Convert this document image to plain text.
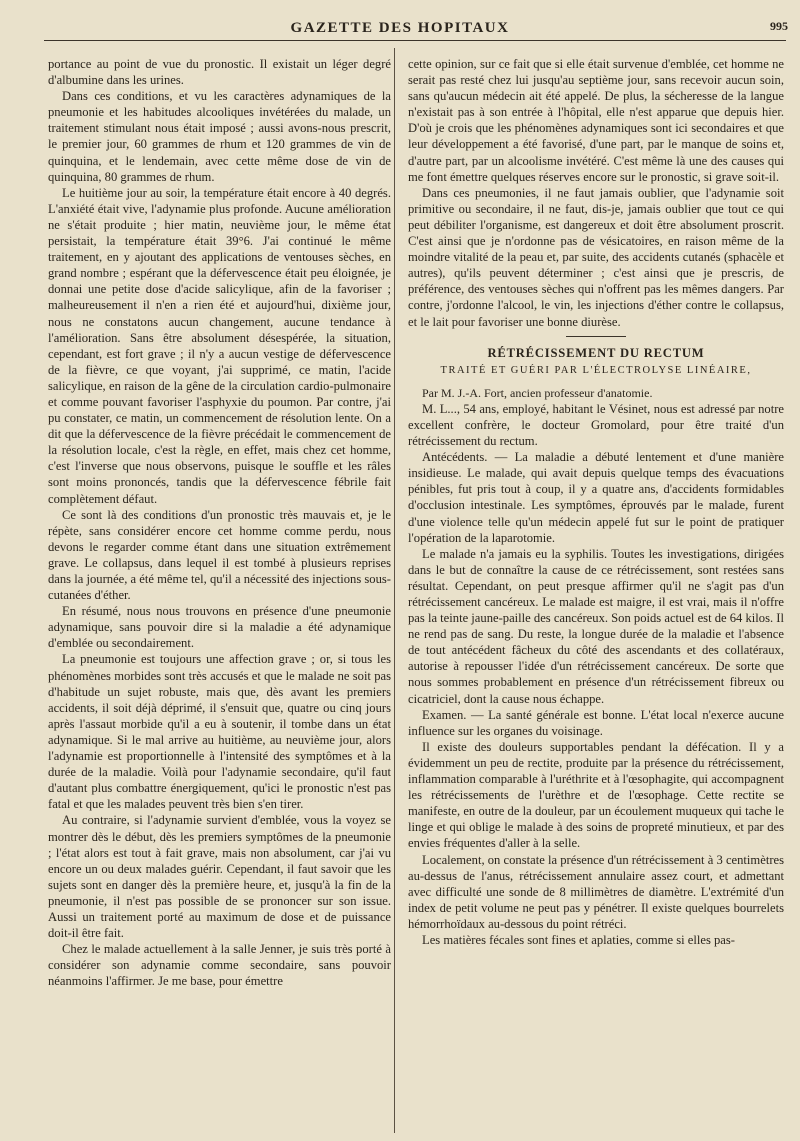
GAZETTE DES HOPITAUX	995

portance au point de vue du pronostic. Il existait un léger degré d'albumine dans les urines.

Dans ces conditions, et vu les caractères adynamiques de la pneumonie et les habitudes alcooliques invétérées du malade, un traitement stimulant nous était imposé ; aussi avons-nous prescrit, le premier jour, 60 grammes de rhum et 120 grammes de vin de quinquina, et le lendemain, avec cette même dose de vin de quinquina, 80 grammes de rhum.

Le huitième jour au soir, la température était encore à 40 degrés. L'anxiété était vive, l'adynamie plus profonde. Aucune amélioration ne s'était produite ; hier matin, neuvième jour, le même état persistait, la température était 39°6. J'ai continué le même traitement, en y ajoutant des applications de ventouses sèches, en grand nombre ; espérant que la défervescence était peu éloignée, je donnai une petite dose d'acide salicylique, afin de la favoriser ; malheureusement il n'en a rien été et aujourd'hui, dixième jour, nous ne constatons aucun changement, aucune tendance à l'amélioration. Sans être absolument désespérée, la situation, cependant, est fort grave ; il n'y a aucun vestige de défervescence de la fièvre, ce que voyant, j'ai supprimé, ce matin, l'acide salicylique, en raison de la gêne de la circulation cardio-pulmonaire et comme pouvant favoriser l'asphyxie du poumon. Par contre, j'ai pu constater, ce matin, un commencement de résolution lente. On a dit que la défervescence de la fièvre précédait le commencement de la résolution locale, c'est la règle, en effet, mais chez cet homme, c'est l'inverse que nous observons, puisque le souffle et les râles sont moins prononcés, tandis que la défervescence fébrile fait complètement défaut.

Ce sont là des conditions d'un pronostic très mauvais et, je le répète, sans considérer encore cet homme comme perdu, nous devons le regarder comme étant dans une situation extrêmement grave. Le collapsus, dans lequel il est tombé à plusieurs reprises dans la journée, a été même tel, qu'il a nécessité des injections sous-cutanées d'éther.

En résumé, nous nous trouvons en présence d'une pneumonie adynamique, sans pouvoir dire si la maladie a été adynamique d'emblée ou secondairement.

La pneumonie est toujours une affection grave ; or, si tous les phénomènes morbides sont très accusés et que le malade ne soit pas d'habitude un sujet robuste, mais que, dès avant les premiers accidents, il soit déjà déprimé, il s'ensuit que, quatre ou cinq jours après l'assaut morbide qu'il a eu à soutenir, il tombe dans un état adynamique. Si le mal arrive au huitième, au neuvième jour, alors l'adynamie est proportionnelle à l'intensité des symptômes et à la durée de la maladie. Voilà pour l'adynamie secondaire, qu'il faut d'autant plus combattre énergiquement, qu'ici le pronostic n'est pas fatal et que les malades peuvent très bien s'en tirer.

Au contraire, si l'adynamie survient d'emblée, vous la voyez se montrer dès le début, dès les premiers symptômes de la pneumonie ; l'état alors est tout à fait grave, mais non absolument, car j'ai vu encore un ou deux malades guérir. Cependant, il faut savoir que les sujets sont en danger dès la première heure, et, jusqu'à la fin de la pneumonie, il n'est pas possible de se prononcer sur son issue. Aussi un traitement porté au maximum de dose et de puissance doit-il être fait.

Chez le malade actuellement à la salle Jenner, je suis très porté à considérer son adynamie comme secondaire, sans pouvoir néanmoins l'affirmer. Je me base, pour émettre

cette opinion, sur ce fait que si elle était survenue d'emblée, cet homme ne serait pas resté chez lui jusqu'au septième jour, sans recevoir aucun soin, sans qu'aucun médecin ait été appelé. De plus, la sécheresse de la langue n'existait pas à son entrée à l'hôpital, elle n'est apparue que depuis hier. D'où je crois que les phénomènes adynamiques sont ici secondaires et que leur développement a été favorisé, d'une part, par le manque de soins et, d'autre part, par un alcoolisme invétéré. C'est même là une des causes qui me font émettre quelques réserves encore sur le pronostic, si grave soit-il.

Dans ces pneumonies, il ne faut jamais oublier, que l'adynamie soit primitive ou secondaire, il ne faut, dis-je, jamais oublier que tout ce qui peut débiliter l'organisme, est dangereux et doit être absolument proscrit. C'est ainsi que je n'ordonne pas de vésicatoires, en raison même de la moindre vitalité de la peau et, par suite, des accidents cutanés (sphacèle et autres), qu'ils peuvent déterminer ; c'est ainsi que je prescris, de préférence, des ventouses sèches qui n'offrent pas les mêmes dangers. Par contre, j'ordonne l'alcool, le vin, les injections d'éther contre le collapsus, et le lait pour favoriser une bonne diurèse.

RÉTRÉCISSEMENT DU RECTUM
TRAITÉ ET GUÉRI PAR L'ÉLECTROLYSE LINÉAIRE,

Par M. J.-A. Fort, ancien professeur d'anatomie.

M. L..., 54 ans, employé, habitant le Vésinet, nous est adressé par notre excellent confrère, le docteur Gromolard, pour être traité d'un rétrécissement du rectum.

Antécédents. — La maladie a débuté lentement et d'une manière insidieuse. Le malade, qui avait depuis quelque temps des évacuations pénibles, fut pris tout à coup, il y a quatre ans, d'accidents formidables d'occlusion intestinale. Les symptômes, éprouvés par le malade, furent d'une violence telle qu'un médecin appelé fut sur le point de pratiquer l'opération de la laparotomie.

Le malade n'a jamais eu la syphilis. Toutes les investigations, dirigées dans le but de connaître la cause de ce rétrécissement, sont restées sans résultat. Cependant, on peut presque affirmer qu'il ne s'agit pas d'un rétrécissement cancéreux. Le malade est maigre, il est vrai, mais il n'offre pas la teinte jaune-paille des cancéreux. Son poids actuel est de 64 kilos. Il ne rend pas de sang. Du reste, la longue durée de la maladie et l'absence de tout antécédent fâcheux du côté des ascendants et des collatéraux, autorise à repousser l'idée d'un rétrécissement cancéreux. De sorte que nous sommes probablement en présence d'un rétrécissement fibreux ou cicatriciel, dont la cause nous échappe.

Examen. — La santé générale est bonne. L'état local n'exerce aucune influence sur les organes du voisinage.

Il existe des douleurs supportables pendant la défécation. Il y a évidemment un peu de rectite, produite par la présence du rétrécissement, inflammation comparable à l'uréthrite et à l'œsophagite, qui accompagnent les rétrécissements de l'urèthre et de l'œsophage. Cette rectite se manifeste, en outre de la douleur, par un écoulement muqueux qui tache le linge et qui oblige le malade à des soins de propreté minutieux, et par des envies fréquentes d'aller à la selle.

Localement, on constate la présence d'un rétrécissement à 3 centimètres au-dessus de l'anus, rétrécissement annulaire assez court, et admettant avec difficulté une sonde de 8 millimètres de diamètre. L'extrémité d'un index de petit volume ne peut pas y pénétrer. Il existe quelques bourrelets hémorrhoïdaux au-dessous du point rétréci.

Les matières fécales sont fines et aplaties, comme si elles pas-
